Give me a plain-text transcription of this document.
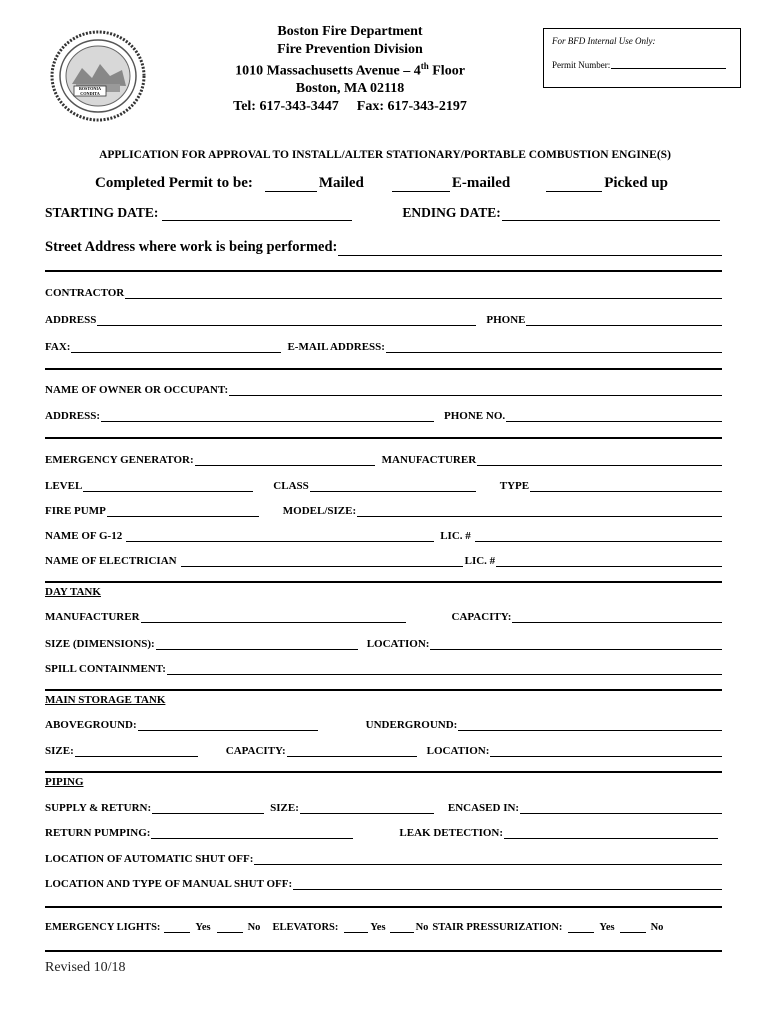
BOSTONIA
CONDITA
Boston Fire Department
Fire Prevention Division
1010 Massachusetts Avenue – 4th Floor
Boston, MA 02118
Tel: 617-343-3447 Fax: 617-343-2197
For BFD Internal Use Only:
Permit Number:
APPLICATION FOR APPROVAL TO INSTALL/ALTER STATIONARY/PORTABLE COMBUSTION ENGINE(S)
Completed Permit to be:	Mailed	E-mailed	Picked up
STARTING DATE:	ENDING DATE:
Street Address where work is being performed:
CONTRACTOR
ADDRESS	PHONE
FAX:	E-MAIL ADDRESS:
NAME OF OWNER OR OCCUPANT:
ADDRESS:	PHONE NO.
EMERGENCY GENERATOR:	MANUFACTURER
LEVEL	CLASS	TYPE
FIRE PUMP	MODEL/SIZE:
NAME OF G-12	LIC. #
NAME OF ELECTRICIAN	LIC. #
DAY TANK
MANUFACTURER	CAPACITY:
SIZE (DIMENSIONS):	LOCATION:
SPILL CONTAINMENT:
MAIN STORAGE TANK
ABOVEGROUND:	UNDERGROUND:
SIZE:	CAPACITY:	LOCATION:
PIPING
SUPPLY & RETURN:	SIZE:	ENCASED IN:
RETURN PUMPING:	LEAK DETECTION:
LOCATION OF AUTOMATIC SHUT OFF:
LOCATION AND TYPE OF MANUAL SHUT OFF:
EMERGENCY LIGHTS:	Yes	No ELEVATORS:	Yes	No STAIR PRESSURIZATION:	Yes	No
Revised 10/18
